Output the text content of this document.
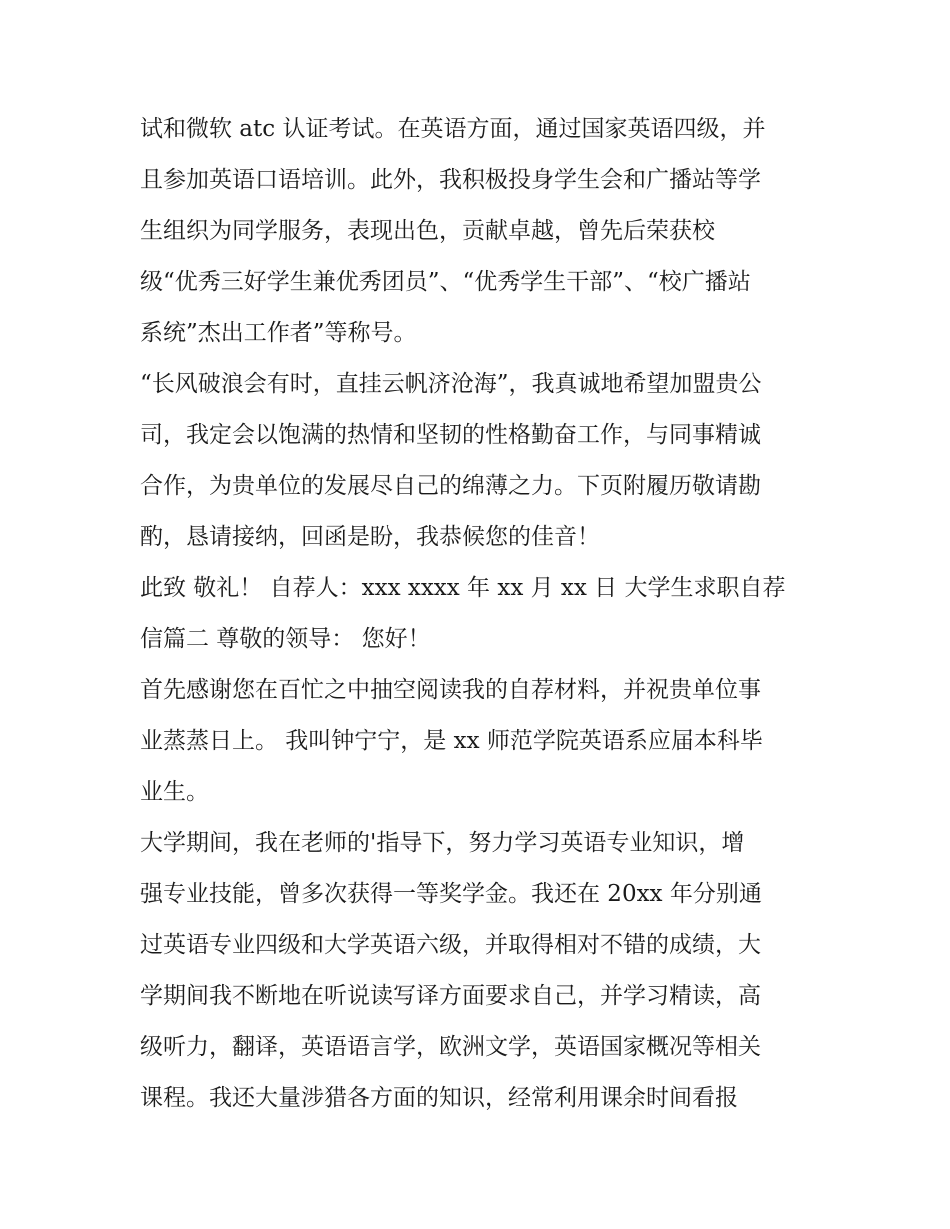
试和微软 atc 认证考试。在英语方面，通过国家英语四级，并
且参加英语口语培训。此外，我积极投身学生会和广播站等学
生组织为同学服务，表现出色，贡献卓越，曾先后荣获校
级“优秀三好学生兼优秀团员”、“优秀学生干部”、“校广播站
系统”杰出工作者”等称号。
“长风破浪会有时，直挂云帆济沧海”，我真诚地希望加盟贵公
司，我定会以饱满的热情和坚韧的性格勤奋工作，与同事精诚
合作，为贵单位的发展尽自己的绵薄之力。下页附履历敬请勘
酌，恳请接纳，回函是盼，我恭候您的佳音！
此致 敬礼！ 自荐人：xxx xxxx 年 xx 月 xx 日 大学生求职自荐
信篇二 尊敬的领导： 您好！
首先感谢您在百忙之中抽空阅读我的自荐材料，并祝贵单位事
业蒸蒸日上。 我叫钟宁宁，是 xx 师范学院英语系应届本科毕
业生。
大学期间，我在老师的'指导下，努力学习英语专业知识，增
强专业技能，曾多次获得一等奖学金。我还在 20xx 年分别通
过英语专业四级和大学英语六级，并取得相对不错的成绩，大
学期间我不断地在听说读写译方面要求自己，并学习精读，高
级听力，翻译，英语语言学，欧洲文学，英语国家概况等相关
课程。我还大量涉猎各方面的知识，经常利用课余时间看报
